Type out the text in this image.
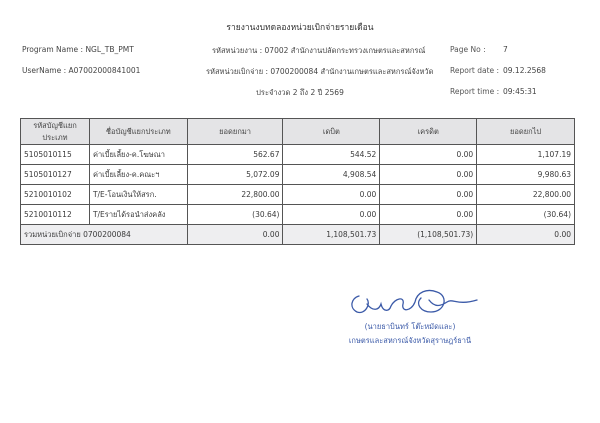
รายงานงบทดลองหน่วยเบิกจ่ายรายเดือน
Program Name : NGL_TB_PMT
UserName : A07002000841001
รหัสหน่วยงาน : 07002 สำนักงานปลัดกระทรวงเกษตรและสหกรณ์
รหัสหน่วยเบิกจ่าย : 0700200084 สำนักงานเกษตรและสหกรณ์จังหวัด
ประจำงวด 2 ถึง 2 ปี 2569
Page No : 7
Report date : 09.12.2568
Report time : 09:45:31
รหัสบัญชีแยกประเภท	ชื่อบัญชีแยกประเภท	ยอดยกมา	เดบิต	เครดิต	ยอดยกไป
5105010115	ค่าเบี้ยเลี้ยง-ค.โฆษณา	562.67	544.52	0.00	1,107.19
5105010127	ค่าเบี้ยเลี้ยง-ค.คณะฯ	5,072.09	4,908.54	0.00	9,980.63
5210010102	T/E-โอนเงินให้สรก.	22,800.00	0.00	0.00	22,800.00
5210010112	T/Eรายได้รอนำส่งคลัง	(30.64)	0.00	0.00	(30.64)
รวมหน่วยเบิกจ่าย 0700200084		0.00	1,108,501.73	(1,108,501.73)	0.00
(นายธาบินทร์ โต๊ะหมัดและ)
เกษตรและสหกรณ์จังหวัดสุราษฎร์ธานี
